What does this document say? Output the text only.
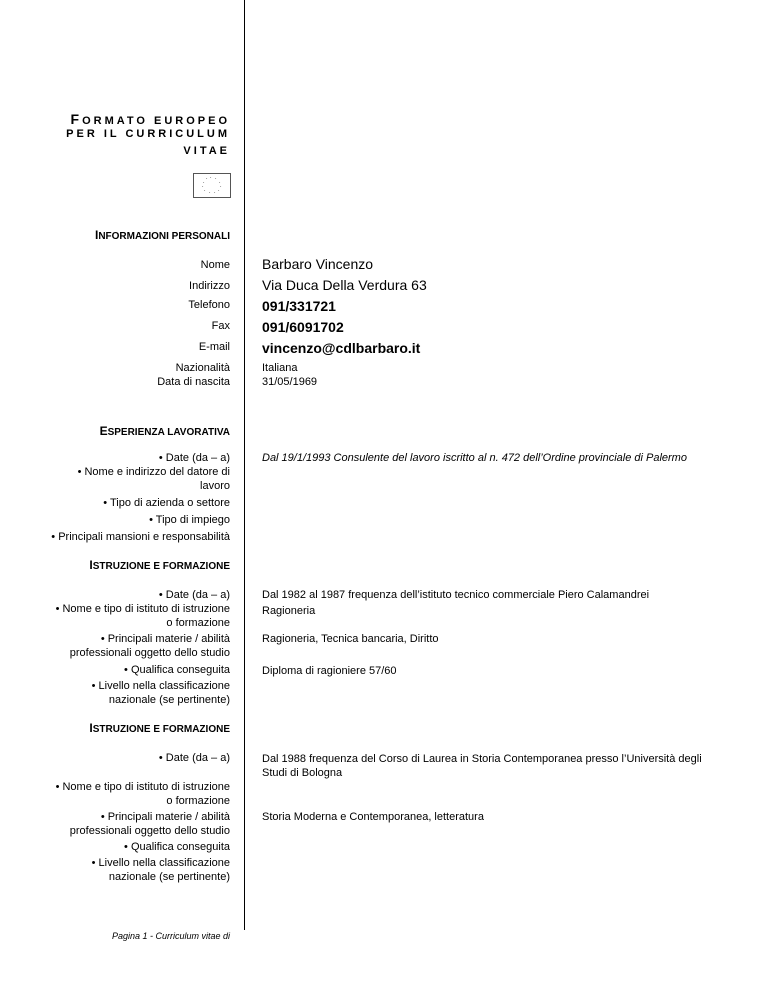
FORMATO EUROPEO
PER IL CURRICULUM
VITAE
* *
*
*
*
*
*
*
*
*
*
INFORMAZIONI PERSONALI
Nome Barbaro Vincenzo
Indirizzo Via Duca Della Verdura 63
Telefono 091/331721
Fax 091/6091702
E-mail vincenzo@cdlbarbaro.it
Nazionalità	Italiana
Data di nascita	31/05/1969
ESPERIENZA LAVORATIVA
• Date (da – a)
• Nome e indirizzo del datore di
lavoro
• Tipo di azienda o settore
• Tipo di impiego
• Principali mansioni e responsabilità
Dal 19/1/1993 Consulente del lavoro iscritto al n. 472 dell’Ordine provinciale di Palermo
ISTRUZIONE E FORMAZIONE
• Date (da – a)
• Nome e tipo di istituto di istruzione
o formazione
• Principali materie / abilità
professionali oggetto dello studio
• Qualifica conseguita
• Livello nella classificazione
nazionale (se pertinente)
Dal 1982 al 1987 frequenza dell’istituto tecnico commerciale Piero Calamandrei
Ragioneria
Ragioneria, Tecnica bancaria, Diritto
Diploma di ragioniere 57/60
ISTRUZIONE E FORMAZIONE
• Date (da – a)
• Nome e tipo di istituto di istruzione
o formazione
• Principali materie / abilità
professionali oggetto dello studio
• Qualifica conseguita
• Livello nella classificazione
nazionale (se pertinente)
Dal 1988 frequenza del Corso di Laurea in Storia Contemporanea presso l’Università degli Studi di Bologna
Storia Moderna e Contemporanea, letteratura
Pagina 1 - Curriculum vitae di
